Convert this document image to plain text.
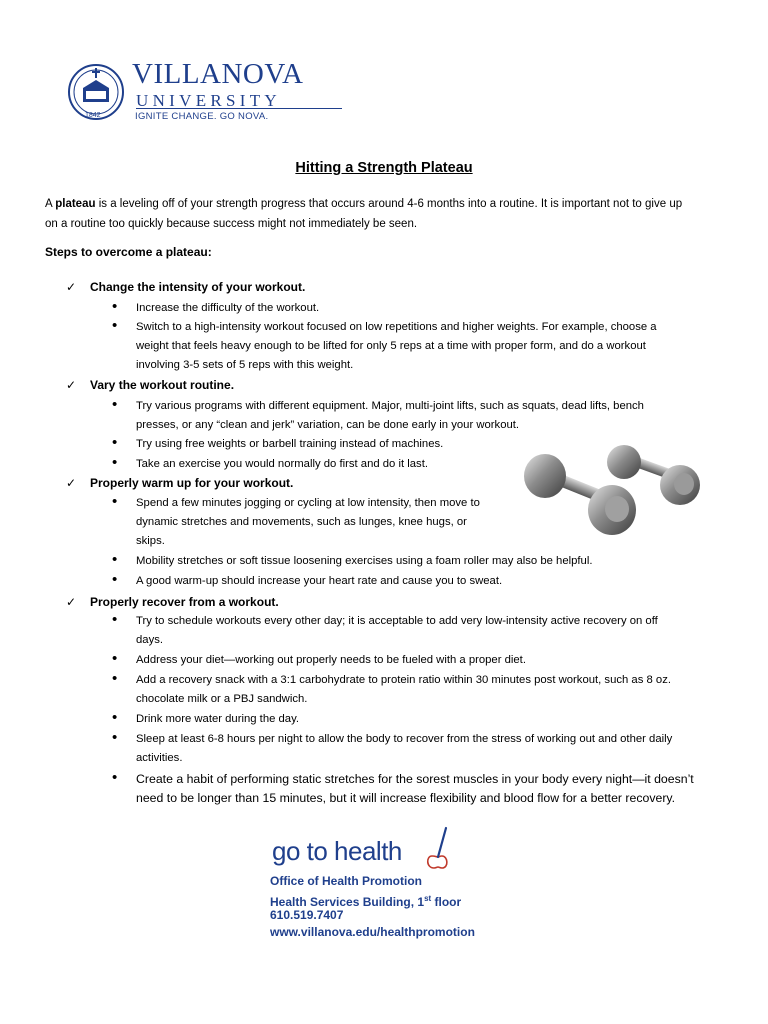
1842
VILLANOVA
UNIVERSITY
IGNITE CHANGE. GO NOVA.
Hitting a Strength Plateau
A plateau is a leveling off of your strength progress that occurs around 4-6 months into a routine. It is important not to give up
on a routine too quickly because success might not immediately be seen.
Steps to overcome a plateau:
✓ Change the intensity of your workout.
• Increase the difficulty of the workout.
• Switch to a high-intensity workout focused on low repetitions and higher weights. For example, choose a
weight that feels heavy enough to be lifted for only 5 reps at a time with proper form, and do a workout
involving 3-5 sets of 5 reps with this weight.
✓ Vary the workout routine.
• Try various programs with different equipment. Major, multi-joint lifts, such as squats, dead lifts, bench
presses, or any “clean and jerk” variation, can be done early in your workout.
• Try using free weights or barbell training instead of machines.
• Take an exercise you would normally do first and do it last.
✓ Properly warm up for your workout.
• Spend a few minutes jogging or cycling at low intensity, then move to
dynamic stretches and movements, such as lunges, knee hugs, or
skips.
• Mobility stretches or soft tissue loosening exercises using a foam roller may also be helpful.
• A good warm-up should increase your heart rate and cause you to sweat.
✓ Properly recover from a workout.
• Try to schedule workouts every other day; it is acceptable to add very low-intensity active recovery on off
days.
• Address your diet—working out properly needs to be fueled with a proper diet.
• Add a recovery snack with a 3:1 carbohydrate to protein ratio within 30 minutes post workout, such as 8 oz.
chocolate milk or a PBJ sandwich.
• Drink more water during the day.
• Sleep at least 6-8 hours per night to allow the body to recover from the stress of working out and other daily
activities.
• Create a habit of performing static stretches for the sorest muscles in your body every night—it doesn’t
need to be longer than 15 minutes, but it will increase flexibility and blood flow for a better recovery.
go to health
Office of Health Promotion
Health Services Building, 1st floor
610.519.7407
www.villanova.edu/healthpromotion
